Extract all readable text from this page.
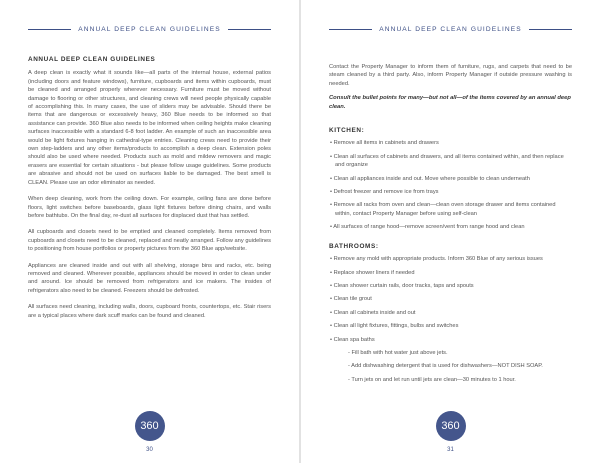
ANNUAL DEEP CLEAN GUIDELINES
ANNUAL DEEP CLEAN GUIDELINES
A deep clean is exactly what it sounds like—all parts of the internal house, external patios (including doors and feature windows), furniture, cupboards and items within cupboards, must be cleaned and arranged properly wherever necessary. Furniture must be moved without damage to flooring or other structures, and cleaning crews will need people physically capable of accomplishing this. In many cases, the use of sliders may be advisable. Should there be items that are dangerous or excessively heavy, 360 Blue needs to be informed so that assistance can provide. 360 Blue also needs to be informed when ceiling heights make cleaning surfaces inaccessible with a standard 6-8 foot ladder. An example of such an inaccessible area would be light fixtures hanging in cathedral-type entries. Cleaning crews need to provide their own step-ladders and any other items/products to accomplish a deep clean. Extension poles should also be used where needed. Products such as mold and mildew removers and magic erasers are essential for certain situations - but please follow usage guidelines. Some products are abrasive and should not be used on surfaces liable to be damaged. The best smell is CLEAN. Please use an odor eliminator as needed.
When deep cleaning, work from the ceiling down. For example, ceiling fans are done before floors, light switches before baseboards, glass light fixtures before dining chairs, and walls before bathtubs. On the final day, re-dust all surfaces for displaced dust that has settled.
All cupboards and closets need to be emptied and cleaned completely. Items removed from cupboards and closets need to be cleaned, replaced and neatly arranged. Follow any guidelines to positioning from house portfolios or property pictures from the 360 Blue app/website.
Appliances are cleaned inside and out with all shelving, storage bins and racks, etc. being removed and cleaned. Wherever possible, appliances should be moved in order to clean under and around. Ice should be removed from refrigerators and ice makers. The insides of refrigerators also need to be cleaned. Freezers should be defrosted.
All surfaces need cleaning, including walls, doors, cupboard fronts, countertops, etc. Stair risers are a typical places where dark scuff marks can be found and cleaned.
360
30
ANNUAL DEEP CLEAN GUIDELINES
Contact the Property Manager to inform them of furniture, rugs, and carpets that need to be steam cleaned by a third party. Also, inform Property Manager if outside pressure washing is needed.
Consult the bullet points for many—but not all—of the items covered by an annual deep clean.
KITCHEN:
• Remove all items in cabinets and drawers
• Clean all surfaces of cabinets and drawers, and all items contained within, and then replace and organize
• Clean all appliances inside and out. Move where possible to clean underneath
• Defrost freezer and remove ice from trays
• Remove all racks from oven and clean—clean oven storage drawer and items contained within, contact Property Manager before using self-clean
• All surfaces of range hood—remove screen/vent from range hood and clean
BATHROOMS:
• Remove any mold with appropriate products. Inform 360 Blue of any serious issues
• Replace shower liners if needed
• Clean shower curtain rails, door tracks, taps and spouts
• Clean tile grout
• Clean all cabinets inside and out
• Clean all light fixtures, fittings, bulbs and switches
• Clean spa baths
- Fill bath with hot water just above jets.
- Add dishwashing detergent that is used for dishwashers—NOT DISH SOAP.
- Turn jets on and let run until jets are clean—30 minutes to 1 hour.
360
31
